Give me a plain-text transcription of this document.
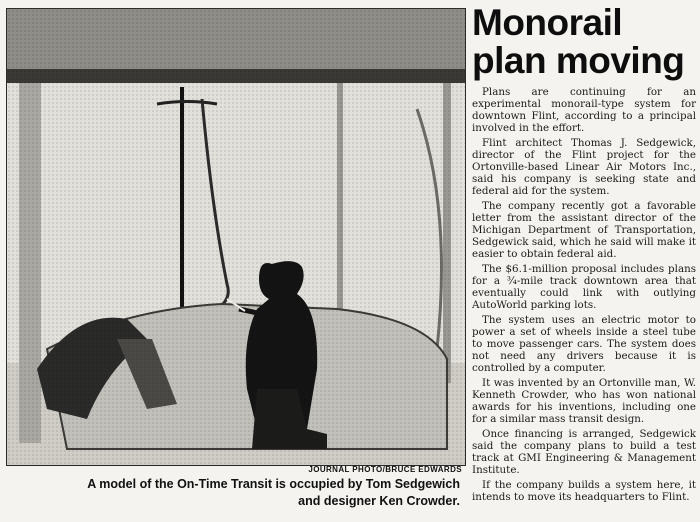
JOURNAL PHOTO/BRUCE EDWARDS
A model of the On-Time Transit is occupied by Tom Sedgewich
and designer Ken Crowder.
Monorail
plan moving

Plans are continuing for an experimental monorail-type system for downtown Flint, according to a principal involved in the effort.

Flint architect Thomas J. Sedgewick, director of the Flint project for the Ortonville-based Linear Air Motors Inc., said his company is seeking state and federal aid for the system.

The company recently got a favorable letter from the assistant director of the Michigan Department of Transportation, Sedgewick said, which he said will make it easier to obtain federal aid.

The $6.1-million proposal includes plans for a ¾-mile track downtown area that eventually could link with outlying AutoWorld parking lots.

The system uses an electric motor to power a set of wheels inside a steel tube to move passenger cars. The system does not need any drivers because it is controlled by a computer.

It was invented by an Ortonville man, W. Kenneth Crowder, who has won national awards for his inventions, including one for a similar mass transit design.

Once financing is arranged, Sedgewick said the company plans to build a test track at GMI Engineering & Management Institute.

If the company builds a system here, it intends to move its headquarters to Flint.
